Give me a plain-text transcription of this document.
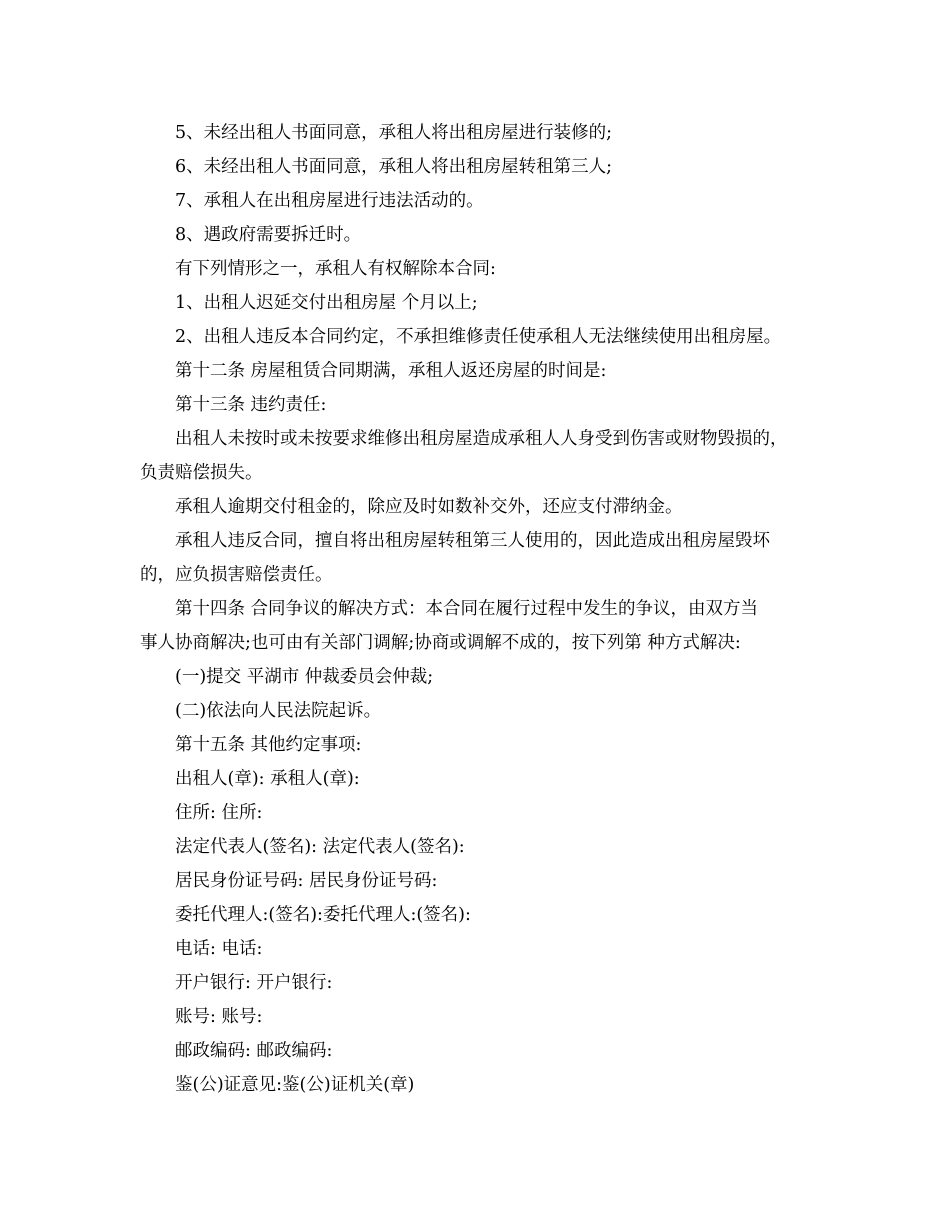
5、未经出租人书面同意，承租人将出租房屋进行装修的;
6、未经出租人书面同意，承租人将出租房屋转租第三人;
7、承租人在出租房屋进行违法活动的。
8、遇政府需要拆迁时。
有下列情形之一，承租人有权解除本合同:
1、出租人迟延交付出租房屋 个月以上;
2、出租人违反本合同约定，不承担维修责任使承租人无法继续使用出租房屋。
第十二条 房屋租赁合同期满，承租人返还房屋的时间是:
第十三条 违约责任:
出租人未按时或未按要求维修出租房屋造成承租人人身受到伤害或财物毁损的，
负责赔偿损失。
承租人逾期交付租金的，除应及时如数补交外，还应支付滞纳金。
承租人违反合同，擅自将出租房屋转租第三人使用的，因此造成出租房屋毁坏
的，应负损害赔偿责任。
第十四条 合同争议的解决方式：本合同在履行过程中发生的争议，由双方当
事人协商解决;也可由有关部门调解;协商或调解不成的，按下列第 种方式解决:
(一)提交 平湖市 仲裁委员会仲裁;
(二)依法向人民法院起诉。
第十五条 其他约定事项:
出租人(章): 承租人(章):
住所: 住所:
法定代表人(签名): 法定代表人(签名):
居民身份证号码: 居民身份证号码:
委托代理人:(签名):委托代理人:(签名):
电话: 电话:
开户银行: 开户银行:
账号: 账号:
邮政编码: 邮政编码:
鉴(公)证意见:鉴(公)证机关(章)
